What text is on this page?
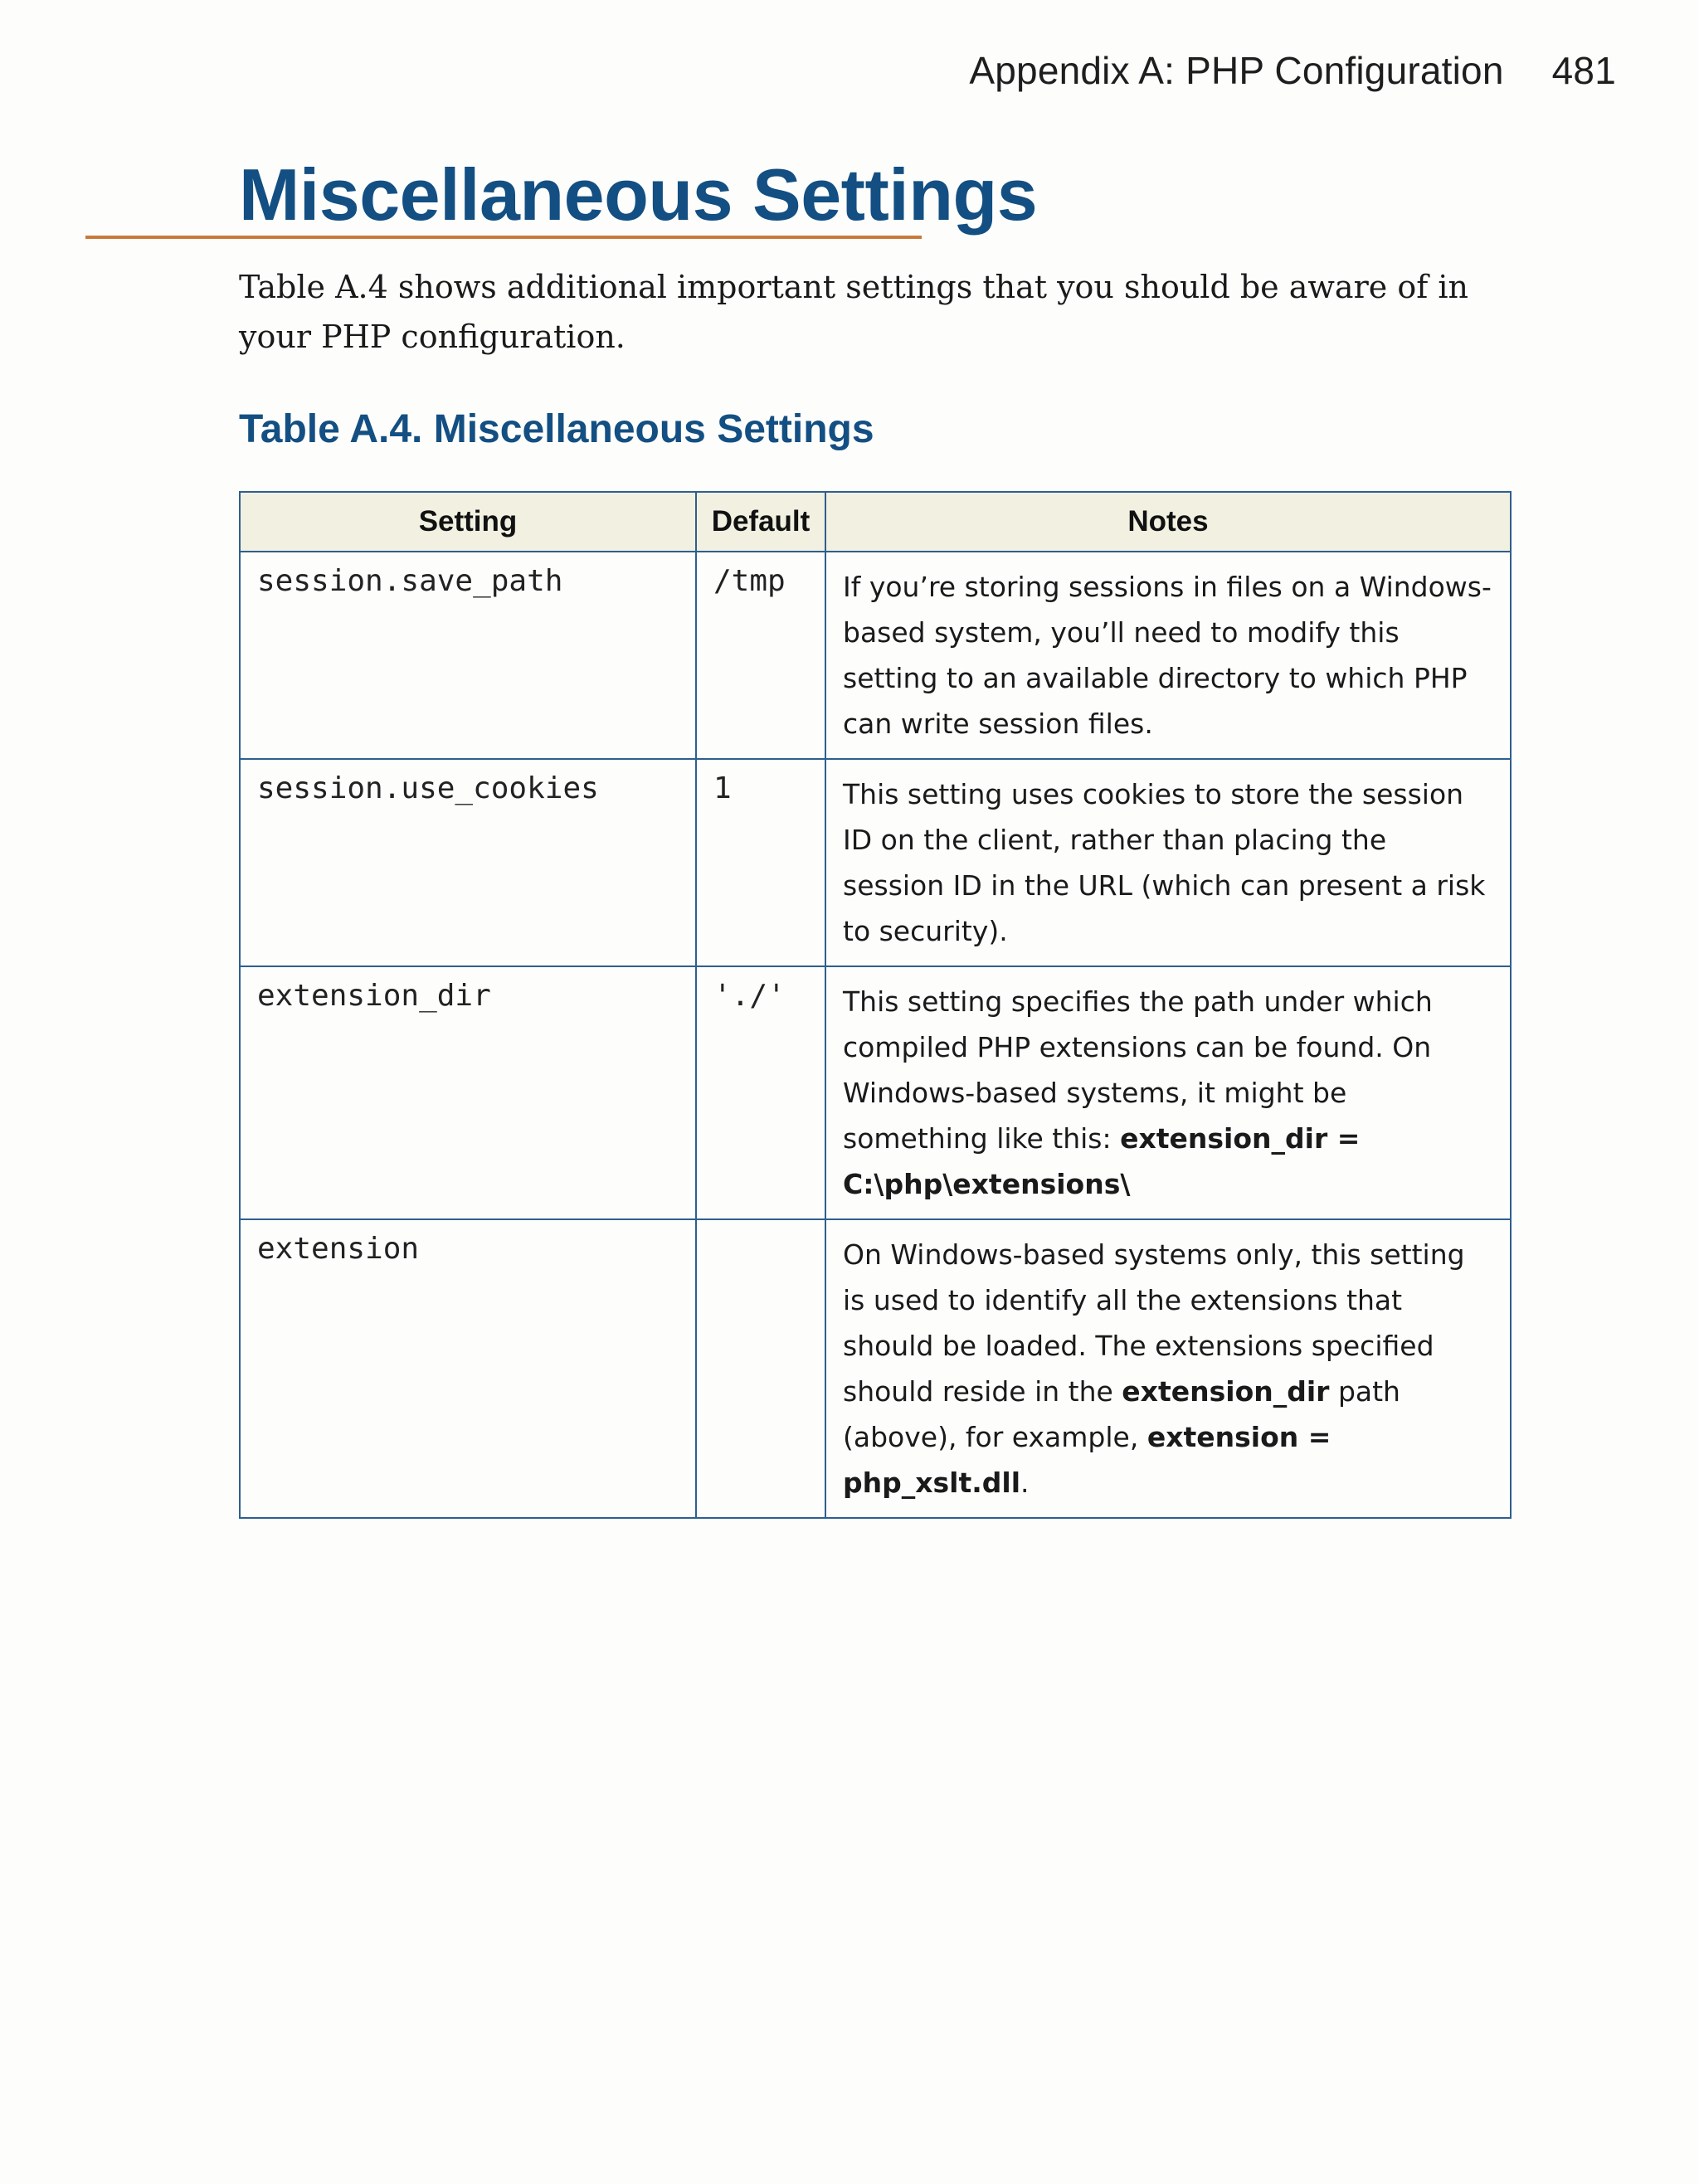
Appendix A: PHP Configuration 481
Miscellaneous Settings

Table A.4 shows additional important settings that you should be aware of in your PHP configuration.

Table A.4. Miscellaneous Settings
Setting	Default	Notes
session.save_path	/tmp	If you’re storing sessions in files on a Windows-based system, you’ll need to modify this setting to an available directory to which PHP can write session files.
session.use_cookies	1	This setting uses cookies to store the session ID on the client, rather than placing the session ID in the URL (which can present a risk to security).
extension_dir	'./'	This setting specifies the path under which compiled PHP extensions can be found. On Windows-based systems, it might be something like this: extension_dir = C:\php\extensions\
extension		On Windows-based systems only, this setting is used to identify all the extensions that should be loaded. The extensions specified should reside in the extension_dir path (above), for example, extension = php_xslt.dll.
